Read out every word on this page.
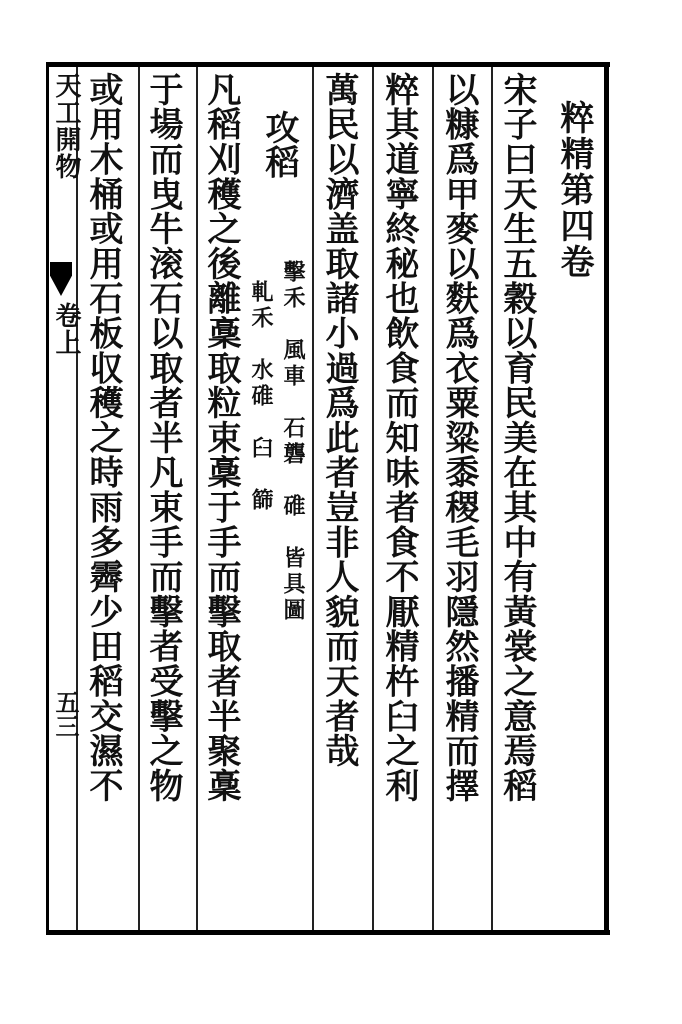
粹精第四卷
宋子曰天生五穀以育民美在其中有黃裳之意焉稻
以糠爲甲麥以麩爲衣粟粱黍稷毛羽隱然播精而擇
粹其道寧終秘也飲食而知味者食不厭精杵臼之利
萬民以濟盖取諸小過爲此者豈非人貌而天者哉
攻稻
擊禾　風車　石礱　碓　皆具圖
軋禾　水碓　臼　篩
凡稻刈穫之後離稾取粒束稾于手而擊取者半聚稾
于場而曳牛滚石以取者半凡束手而擊者受擊之物
或用木桶或用石板収穫之時雨多霽少田稻交濕不
天工開物
卷上
五三
